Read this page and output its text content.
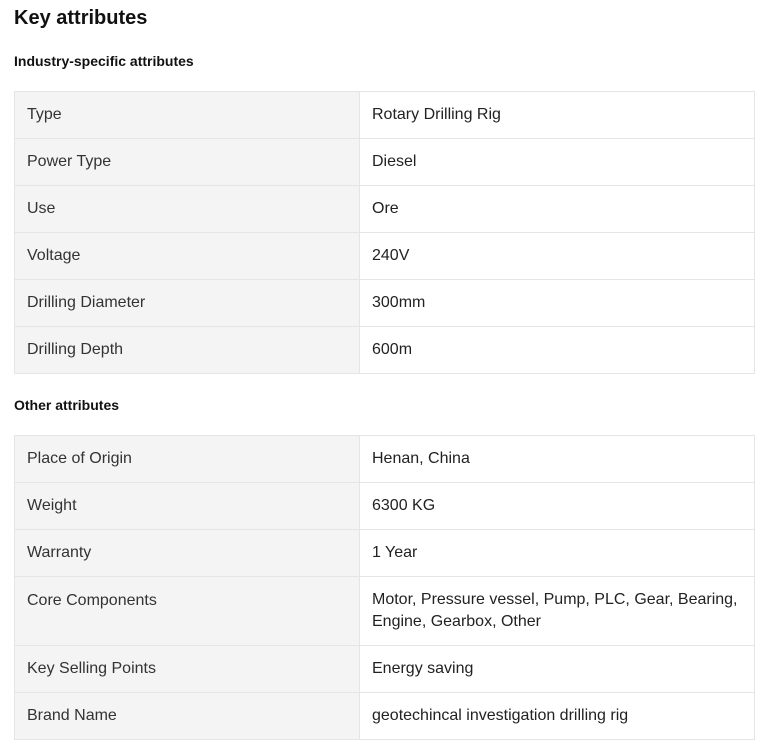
Key attributes
Industry-specific attributes
Type	Rotary Drilling Rig
Power Type	Diesel
Use	Ore
Voltage	240V
Drilling Diameter	300mm
Drilling Depth	600m
Other attributes
Place of Origin	Henan, China
Weight	6300 KG
Warranty	1 Year
Core Components	Motor, Pressure vessel, Pump, PLC, Gear, Bearing, Engine, Gearbox, Other
Key Selling Points	Energy saving
Brand Name	geotechincal investigation drilling rig
